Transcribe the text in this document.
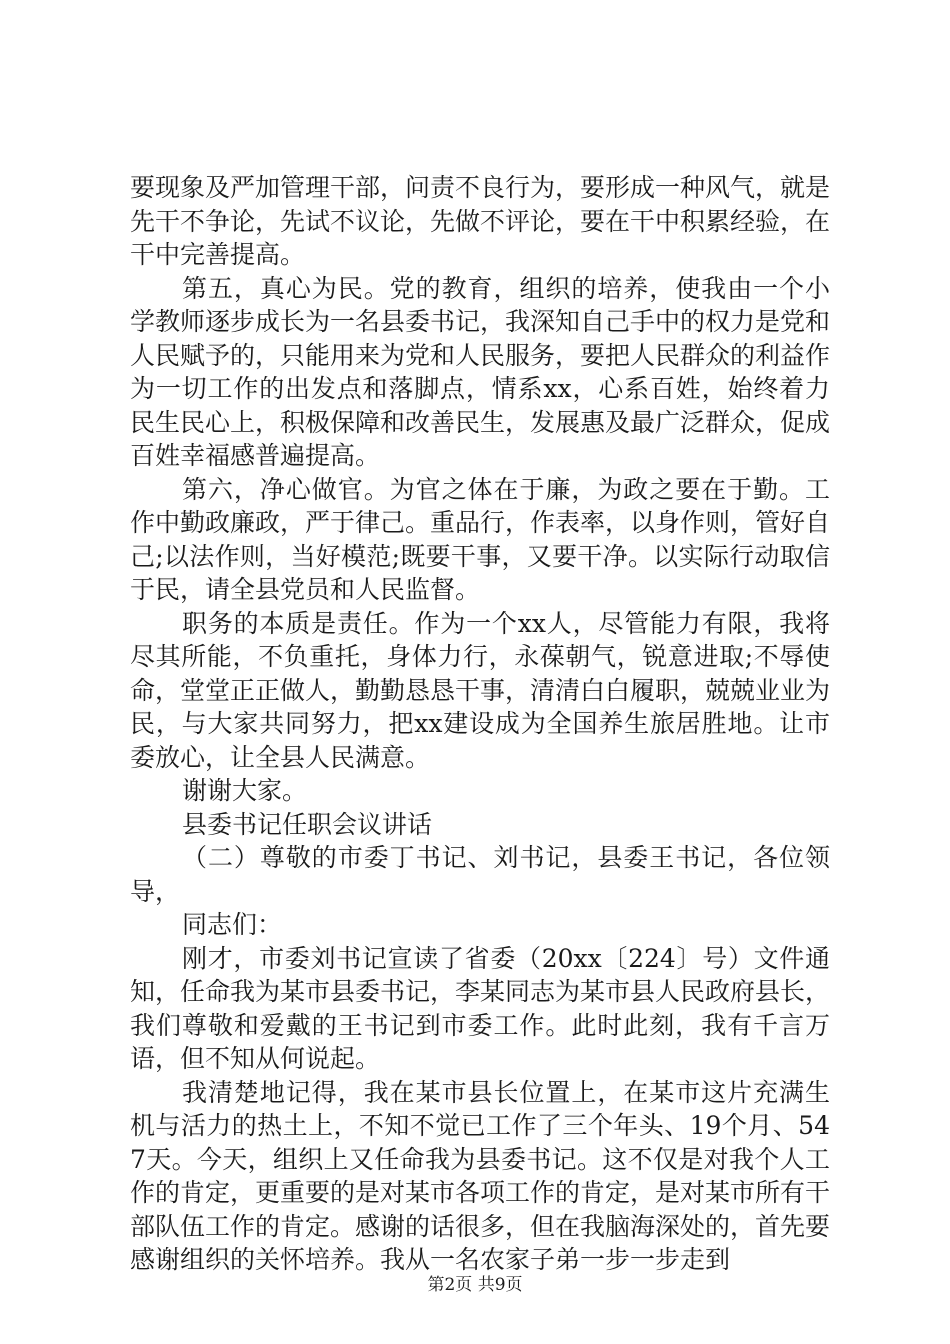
要现象及严加管理干部，问责不良行为，要形成一种风气，就是先干不争论，先试不议论，先做不评论，要在干中积累经验，在干中完善提高。

第五，真心为民。党的教育，组织的培养，使我由一个小学教师逐步成长为一名县委书记，我深知自己手中的权力是党和人民赋予的，只能用来为党和人民服务，要把人民群众的利益作为一切工作的出发点和落脚点，情系xx，心系百姓，始终着力民生民心上，积极保障和改善民生，发展惠及最广泛群众，促成百姓幸福感普遍提高。

第六，净心做官。为官之体在于廉，为政之要在于勤。工作中勤政廉政，严于律己。重品行，作表率，以身作则，管好自己;以法作则，当好模范;既要干事，又要干净。以实际行动取信于民，请全县党员和人民监督。

职务的本质是责任。作为一个xx人，尽管能力有限，我将尽其所能，不负重托，身体力行，永葆朝气，锐意进取;不辱使命，堂堂正正做人，勤勤恳恳干事，清清白白履职，兢兢业业为民，与大家共同努力，把xx建设成为全国养生旅居胜地。让市委放心，让全县人民满意。

谢谢大家。

县委书记任职会议讲话

（二）尊敬的市委丁书记、刘书记，县委王书记，各位领导，

同志们：

刚才，市委刘书记宣读了省委（20xx〔224〕号）文件通知，任命我为某市县委书记，李某同志为某市县人民政府县长，我们尊敬和爱戴的王书记到市委工作。此时此刻，我有千言万语，但不知从何说起。

我清楚地记得，我在某市县长位置上，在某市这片充满生机与活力的热土上，不知不觉已工作了三个年头、19个月、547天。今天，组织上又任命我为县委书记。这不仅是对我个人工作的肯定，更重要的是对某市各项工作的肯定，是对某市所有干部队伍工作的肯定。感谢的话很多，但在我脑海深处的，首先要感谢组织的关怀培养。我从一名农家子弟一步一步走到

第2页 共9页
